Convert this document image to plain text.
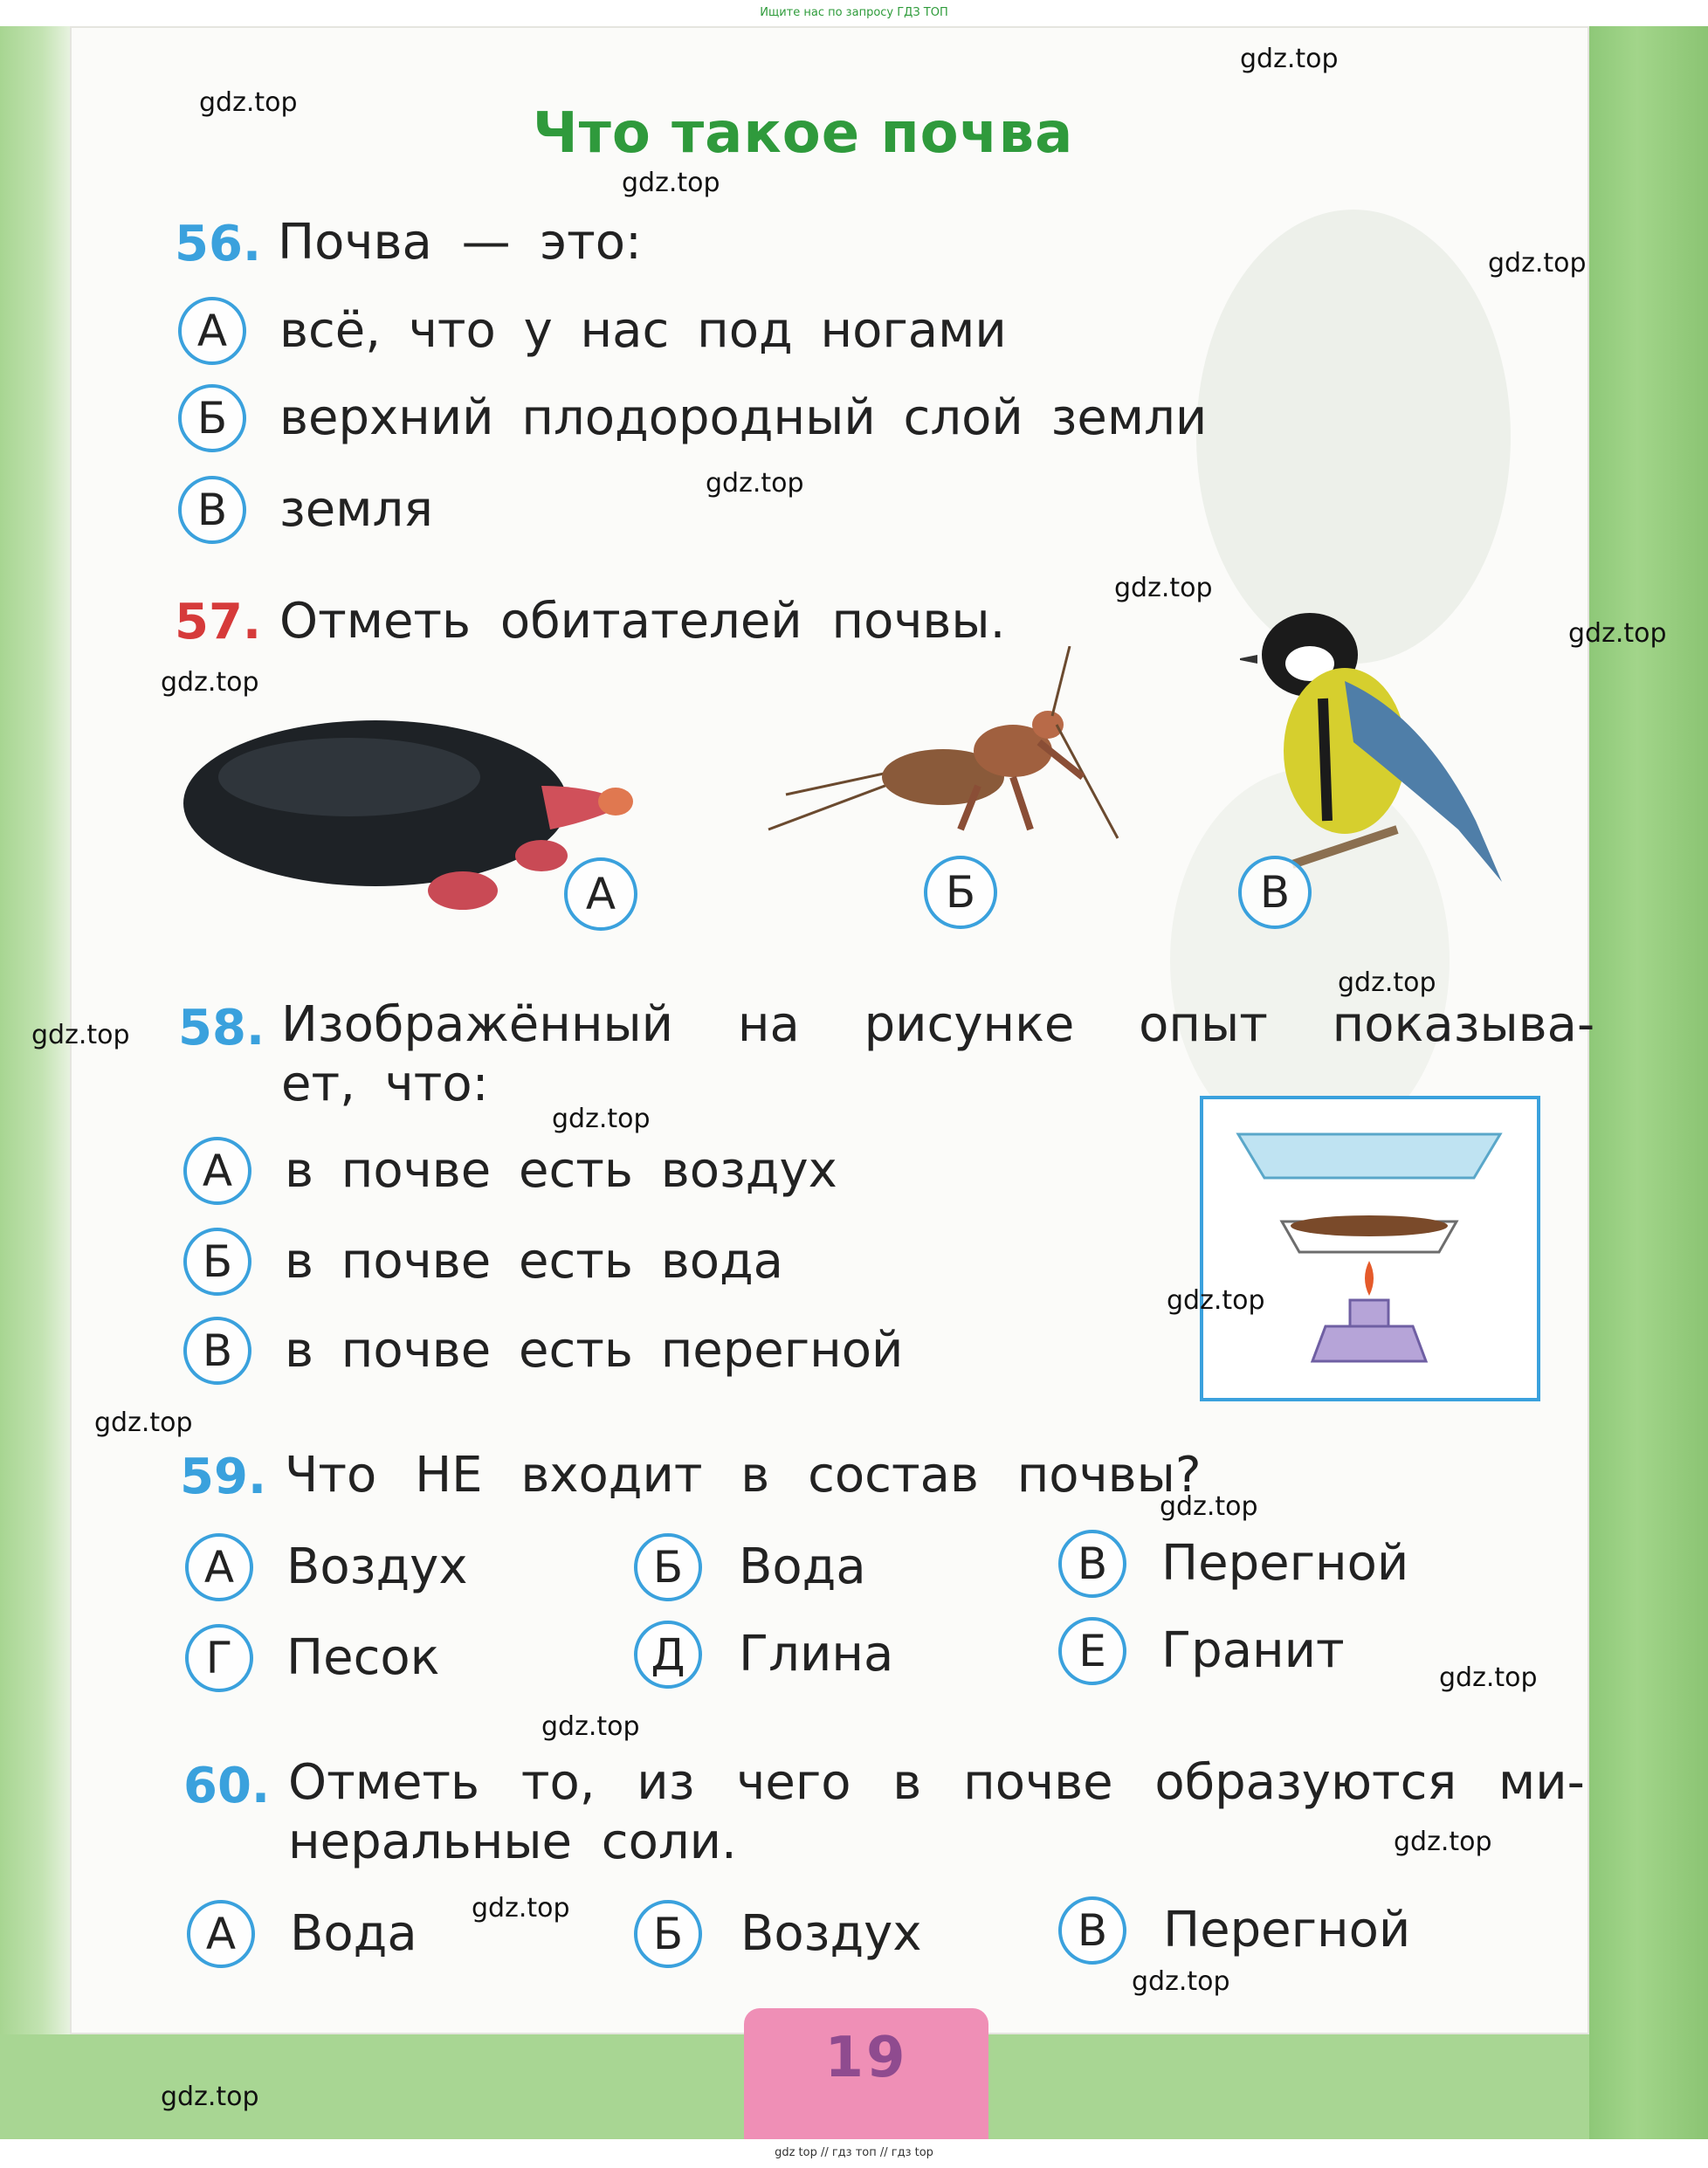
Ищите нас по запросу ГДЗ ТОП
Что такое почва
56. Почва — это:
А	всё, что у нас под ногами
Б	верхний плодородный слой земли
В	земля
57. Отметь обитателей почвы.
А	Б	В
58. Изображённый на рисунке опыт показыва-
ет, что:
А	в почве есть воздух
Б	в почве есть вода
В	в почве есть перегной
59. Что НЕ входит в состав почвы?
А	Воздух	Б	Вода	В	Перегной
Г	Песок	Д	Глина	Е	Гранит
60. Отметь то, из чего в почве образуются ми-
неральные соли.
А	Вода	Б	Воздух	В	Перегной
19
gdz.top
gdz.top
gdz.top
gdz.top
gdz.top
gdz.top
gdz.top
gdz.top
gdz.top
gdz.top
gdz.top
gdz.top
gdz.top
gdz.top
gdz.top
gdz.top
gdz.top
gdz.top
gdz.top
gdz.top
gdz top // гдз топ // гдз top
